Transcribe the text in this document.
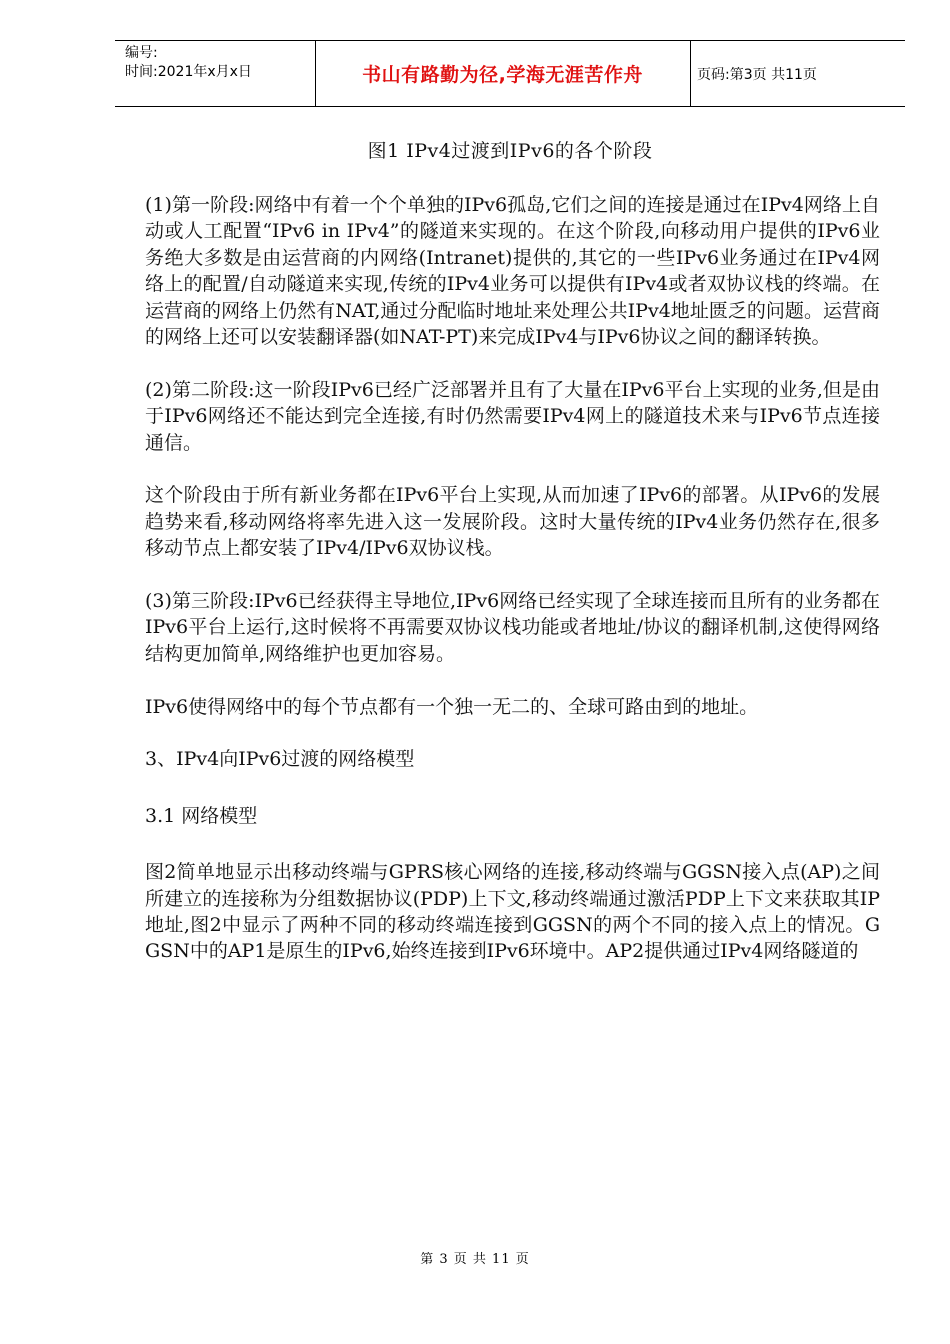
编号:
时间:2021年x月x日	书山有路勤为径,学海无涯苦作舟	页码:第3页 共11页
图1 IPv4过渡到IPv6的各个阶段

(1)第一阶段:网络中有着一个个单独的IPv6孤岛,它们之间的连接是通过在IPv4网络上自动或人工配置“IPv6 in IPv4”的隧道来实现的。在这个阶段,向移动用户提供的IPv6业务绝大多数是由运营商的内网络(Intranet)提供的,其它的一些IPv6业务通过在IPv4网络上的配置/自动隧道来实现,传统的IPv4业务可以提供有IPv4或者双协议栈的终端。在运营商的网络上仍然有NAT,通过分配临时地址来处理公共IPv4地址匮乏的问题。运营商的网络上还可以安装翻译器(如NAT-PT)来完成IPv4与IPv6协议之间的翻译转换。

(2)第二阶段:这一阶段IPv6已经广泛部署并且有了大量在IPv6平台上实现的业务,但是由于IPv6网络还不能达到完全连接,有时仍然需要IPv4网上的隧道技术来与IPv6节点连接通信。

这个阶段由于所有新业务都在IPv6平台上实现,从而加速了IPv6的部署。从IPv6的发展趋势来看,移动网络将率先进入这一发展阶段。这时大量传统的IPv4业务仍然存在,很多移动节点上都安装了IPv4/IPv6双协议栈。

(3)第三阶段:IPv6已经获得主导地位,IPv6网络已经实现了全球连接而且所有的业务都在IPv6平台上运行,这时候将不再需要双协议栈功能或者地址/协议的翻译机制,这使得网络结构更加简单,网络维护也更加容易。

IPv6使得网络中的每个节点都有一个独一无二的、全球可路由到的地址。

3、IPv4向IPv6过渡的网络模型

3.1 网络模型

图2简单地显示出移动终端与GPRS核心网络的连接,移动终端与GGSN接入点(AP)之间所建立的连接称为分组数据协议(PDP)上下文,移动终端通过激活PDP上下文来获取其IP地址,图2中显示了两种不同的移动终端连接到GGSN的两个不同的接入点上的情况。GGSN中的AP1是原生的IPv6,始终连接到IPv6环境中。AP2提供通过IPv4网络隧道的

第 3 页 共 11 页
